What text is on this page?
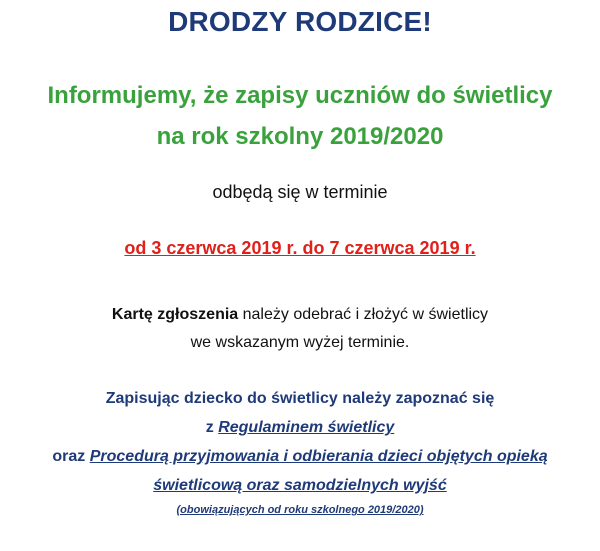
DRODZY RODZICE!
Informujemy, że zapisy uczniów do świetlicy
na rok szkolny 2019/2020
odbędą się w terminie
od 3 czerwca 2019 r. do 7 czerwca 2019 r.
Kartę zgłoszenia należy odebrać i złożyć w świetlicy
we wskazanym wyżej terminie.
Zapisując dziecko do świetlicy należy zapoznać się
z Regulaminem świetlicy
oraz Procedurą przyjmowania i odbierania dzieci objętych opieką
świetlicową oraz samodzielnych wyjść
(obowiązujących od roku szkolnego 2019/2020)
